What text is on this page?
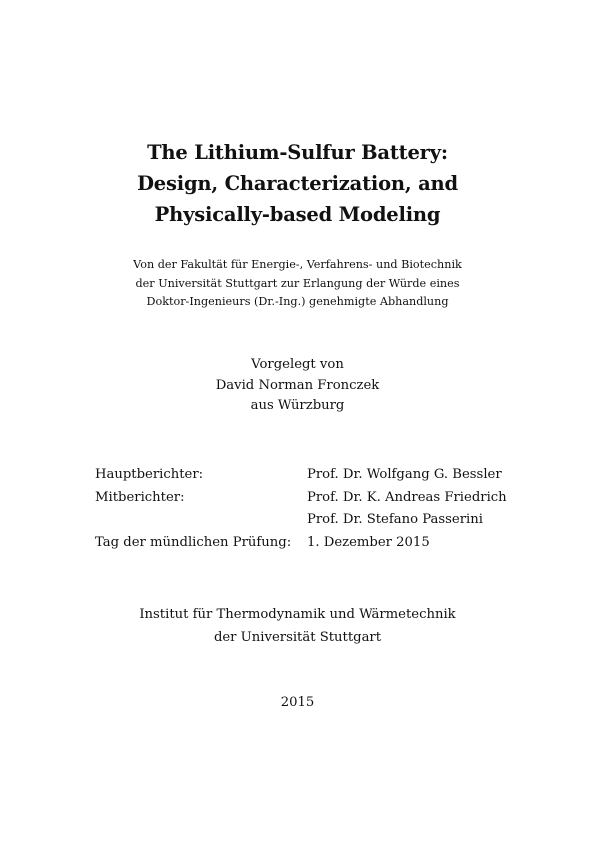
The Lithium-Sulfur Battery:
Design, Characterization, and
Physically-based Modeling
Von der Fakultät für Energie-, Verfahrens- und Biotechnik
der Universität Stuttgart zur Erlangung der Würde eines
Doktor-Ingenieurs (Dr.-Ing.) genehmigte Abhandlung
Vorgelegt von
David Norman Fronczek
aus Würzburg
Hauptberichter:	Prof. Dr. Wolfgang G. Bessler
Mitberichter:	Prof. Dr. K. Andreas Friedrich
Prof. Dr. Stefano Passerini
Tag der mündlichen Prüfung:	1. Dezember 2015
Institut für Thermodynamik und Wärmetechnik
der Universität Stuttgart
2015
